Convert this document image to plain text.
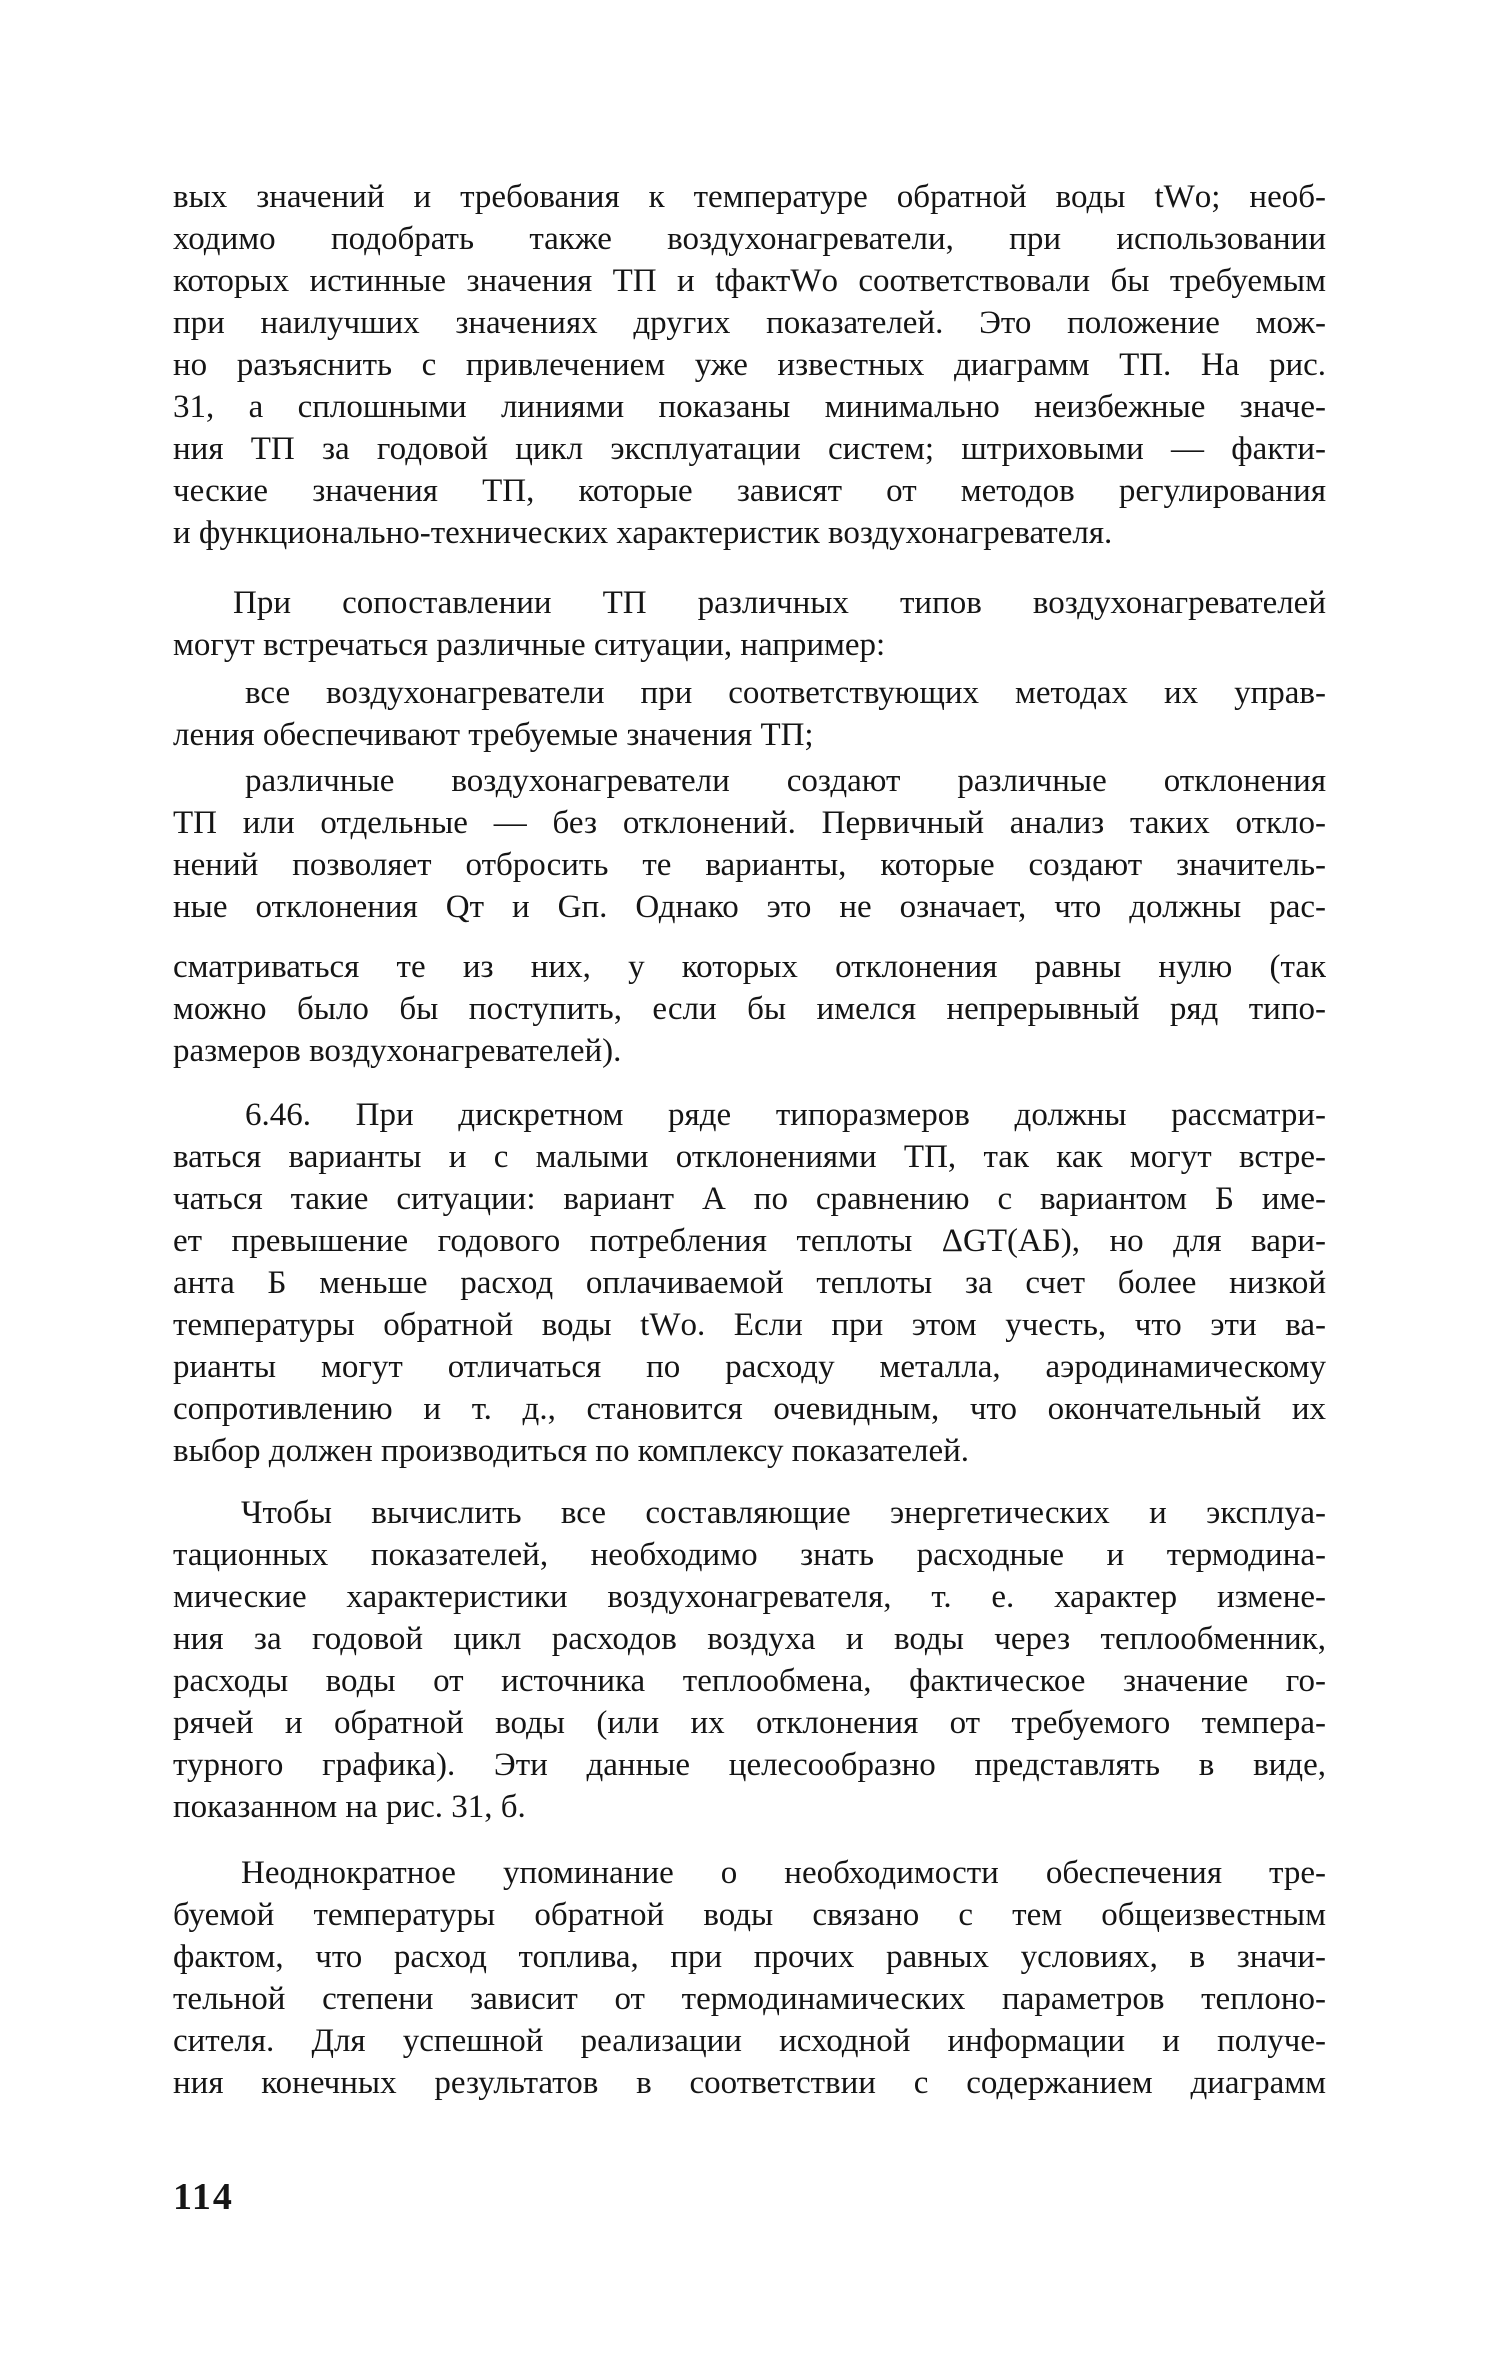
вых значений и требования к температуре обратной воды tWо; необ-
ходимо подобрать также воздухонагреватели, при использовании
которых истинные значения ТП и tфактWо соответствовали бы требуемым
при наилучших значениях других показателей. Это положение мож-
но разъяснить с привлечением уже известных диаграмм ТП. На рис.
31, а сплошными линиями показаны минимально неизбежные значе-
ния ТП за годовой цикл эксплуатации систем; штриховыми — факти-
ческие значения ТП, которые зависят от методов регулирования
и функционально-технических характеристик воздухонагревателя.
При сопоставлении ТП различных типов воздухонагревателей
могут встречаться различные ситуации, например:
все воздухонагреватели при соответствующих методах их управ-
ления обеспечивают требуемые значения ТП;
различные воздухонагреватели создают различные отклонения
ТП или отдельные — без отклонений. Первичный анализ таких откло-
нений позволяет отбросить те варианты, которые создают значитель-
ные отклонения Qт и Gп. Однако это не означает, что должны рас-
сматриваться те из них, у которых отклонения равны нулю (так
можно было бы поступить, если бы имелся непрерывный ряд типо-
размеров воздухонагревателей).
6.46. При дискретном ряде типоразмеров должны рассматри-
ваться варианты и с малыми отклонениями ТП, так как могут встре-
чаться такие ситуации: вариант А по сравнению с вариантом Б име-
ет превышение годового потребления теплоты ΔGТ(АБ), но для вари-
анта Б меньше расход оплачиваемой теплоты за счет более низкой
температуры обратной воды tWо. Если при этом учесть, что эти ва-
рианты могут отличаться по расходу металла, аэродинамическому
сопротивлению и т. д., становится очевидным, что окончательный их
выбор должен производиться по комплексу показателей.
Чтобы вычислить все составляющие энергетических и эксплуа-
тационных показателей, необходимо знать расходные и термодина-
мические характеристики воздухонагревателя, т. е. характер измене-
ния за годовой цикл расходов воздуха и воды через теплообменник,
расходы воды от источника теплообмена, фактическое значение го-
рячей и обратной воды (или их отклонения от требуемого темпера-
турного графика). Эти данные целесообразно представлять в виде,
показанном на рис. 31, б.
Неоднократное упоминание о необходимости обеспечения тре-
буемой температуры обратной воды связано с тем общеизвестным
фактом, что расход топлива, при прочих равных условиях, в значи-
тельной степени зависит от термодинамических параметров теплоно-
сителя. Для успешной реализации исходной информации и получе-
ния конечных результатов в соответствии с содержанием диаграмм
114
